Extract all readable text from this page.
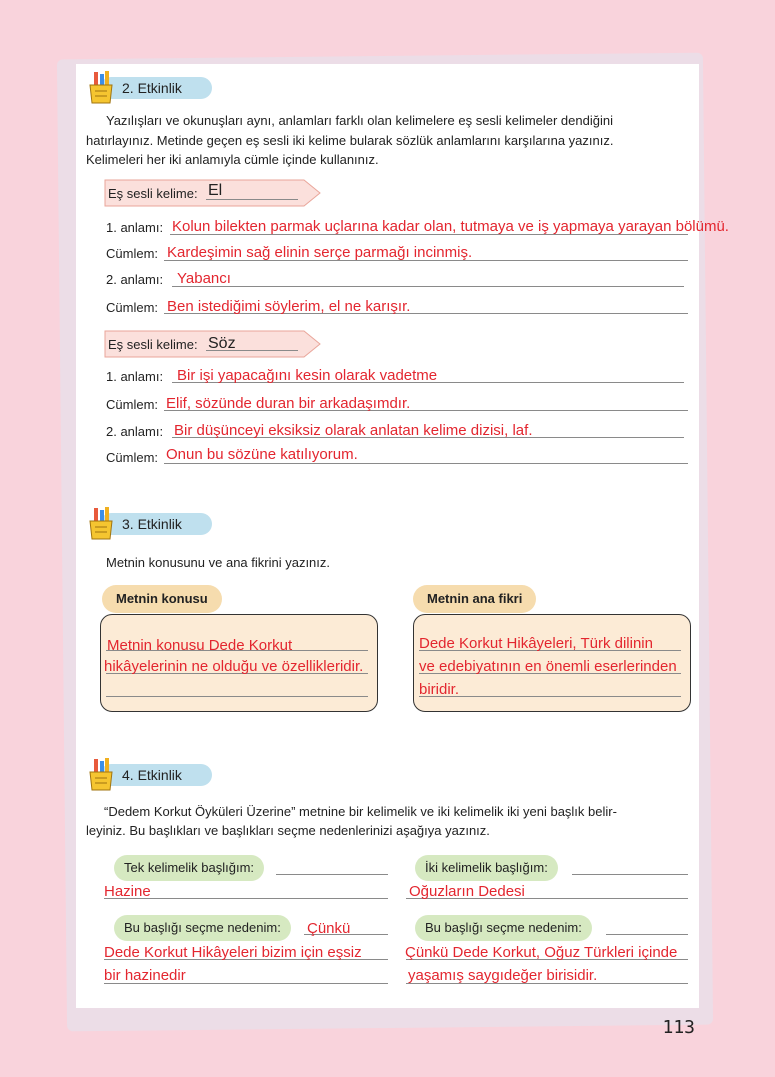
2. Etkinlik
Yazılışları ve okunuşları aynı, anlamları farklı olan kelimelere eş sesli kelimeler dendiğini
hatırlayınız. Metinde geçen eş sesli iki kelime bularak sözlük anlamlarını karşılarına yazınız.
Kelimeleri her iki anlamıyla cümle içinde kullanınız.
Eş sesli kelime: El
1. anlamı: Kolun bilekten parmak uçlarına kadar olan, tutmaya ve iş yapmaya yarayan bölümü.
Cümlem: Kardeşimin sağ elinin serçe parmağı incinmiş.
2. anlamı: Yabancı
Cümlem: Ben istediğimi söylerim, el ne karışır.
Eş sesli kelime: Söz
1. anlamı: Bir işi yapacağını kesin olarak vadetme
Cümlem: Elif, sözünde duran bir arkadaşımdır.
2. anlamı: Bir düşünceyi eksiksiz olarak anlatan kelime dizisi, laf.
Cümlem: Onun bu sözüne katılıyorum.
3. Etkinlik
Metnin konusunu ve ana fikrini yazınız.
Metnin konusu
Metnin konusu Dede Korkut
hikâyelerinin ne olduğu ve özellikleridir.
Metnin ana fikri
Dede Korkut Hikâyeleri, Türk dilinin
ve edebiyatının en önemli eserlerinden
biridir.
4. Etkinlik
“Dedem Korkut Öyküleri Üzerine” metnine bir kelimelik ve iki kelimelik iki yeni başlık belir-
leyiniz. Bu başlıkları ve başlıkları seçme nedenlerinizi aşağıya yazınız.
Tek kelimelik başlığım:
Hazine
İki kelimelik başlığım:
Oğuzların Dedesi
Bu başlığı seçme nedenim:	Çünkü
Dede Korkut Hikâyeleri bizim için eşsiz
bir hazinedir
Bu başlığı seçme nedenim:
Çünkü Dede Korkut, Oğuz Türkleri içinde
yaşamış saygıdeğer birisidir.
113
